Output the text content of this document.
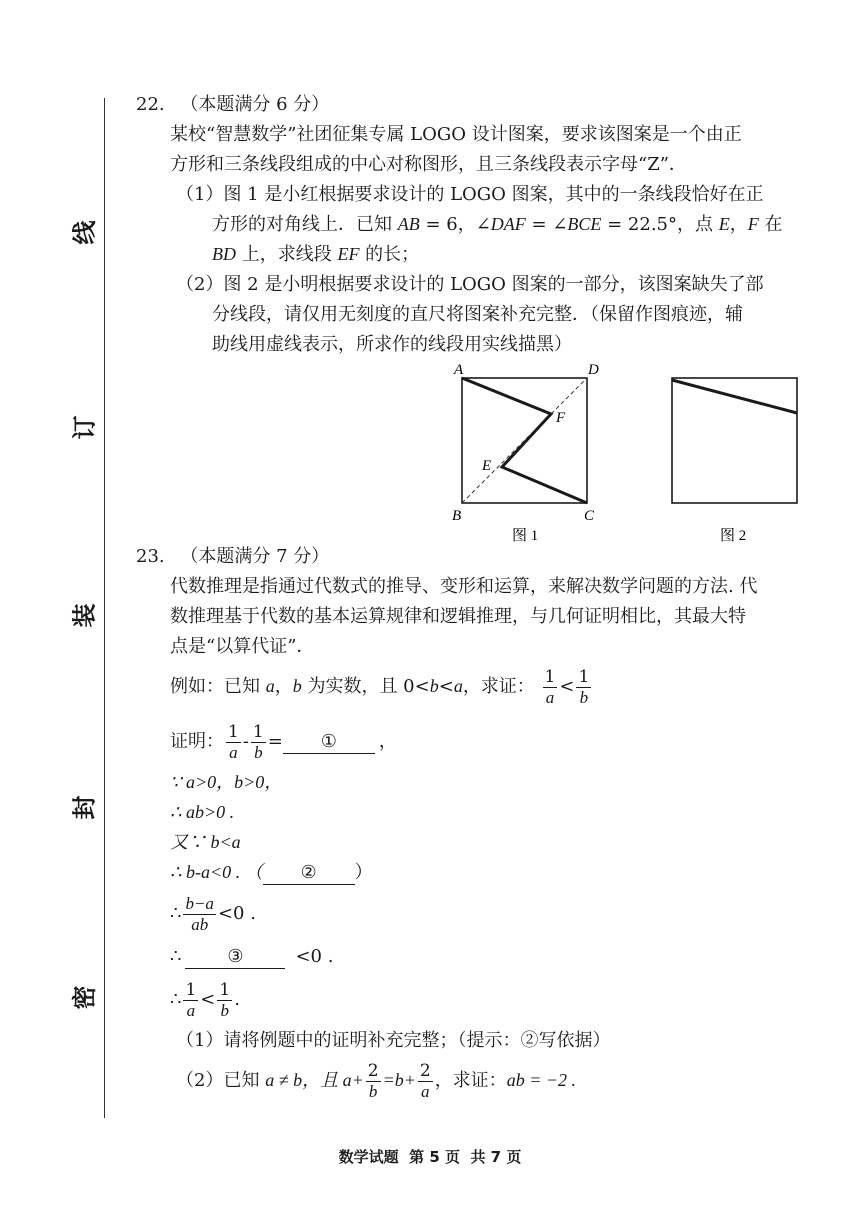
线
订
装
封
密
22. （本题满分 6 分）
某校“智慧数学”社团征集专属 LOGO 设计图案，要求该图案是一个由正
方形和三条线段组成的中心对称图形，且三条线段表示字母“Z”．
（1）图 1 是小红根据要求设计的 LOGO 图案，其中的一条线段恰好在正
方形的对角线上．已知 AB = 6，∠DAF = ∠BCE = 22.5°，点 E，F 在
BD 上，求线段 EF 的长；
（2）图 2 是小明根据要求设计的 LOGO 图案的一部分，该图案缺失了部
分线段，请仅用无刻度的直尺将图案补充完整．（保留作图痕迹，辅
助线用虚线表示，所求作的线段用实线描黑）
A	D
B	C
F
E
图 1	图 2
23. （本题满分 7 分）
代数推理是指通过代数式的推导、变形和运算，来解决数学问题的方法. 代
数推理基于代数的基本运算规律和逻辑推理，与几何证明相比，其最大特
点是“以算代证”．
例如：已知 a，b 为实数，且 0<b<a，求证： $\frac{1}{a} < \frac{1}{b}$
证明： $\frac{1}{a} - \frac{1}{b}$ = ① ，
∵ a>0，b>0，
∴ ab>0 .
又∵ b<a
∴ b-a<0 . （ ② ）
∴ $\frac{b-a}{ab} <0$ .
∴	③	<0 .
∴ $\frac{1}{a} < \frac{1}{b}$ .
（1）请将例题中的证明补充完整；（提示：②写依据）
（2）已知 a ≠ b，且 $a+ \frac{2}{b} =b+ \frac{2}{a}$ ，求证：ab = −2 .
数学试题  第 5 页  共 7 页
